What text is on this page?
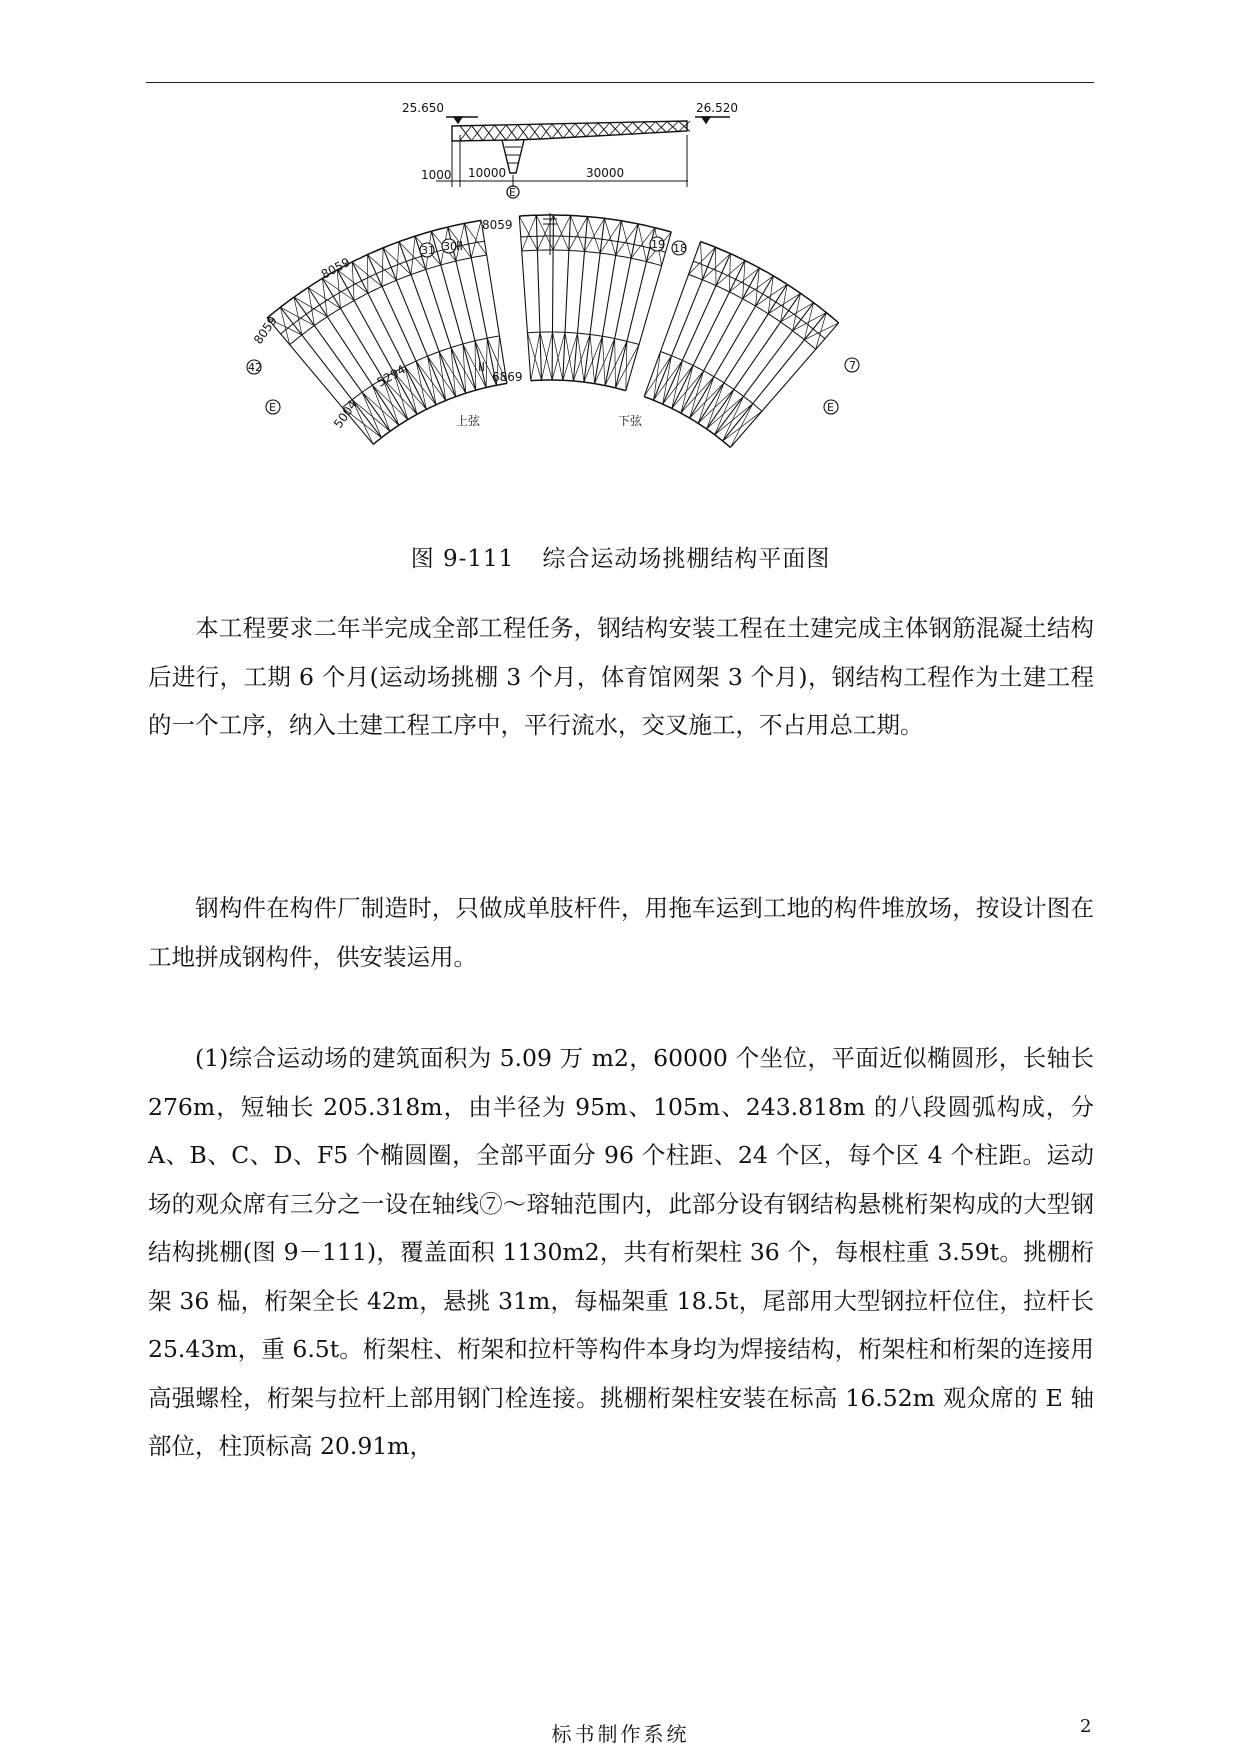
25.650	26.520
1000 10000	30000
E
31 30	19 18
42	7
E	E
8059
8059
8059
6869
5294
5004
II
II
上弦	下弦
图 9-111 综合运动场挑棚结构平面图

本工程要求二年半完成全部工程任务，钢结构安装工程在土建完成主体钢筋混凝土结构后进行，工期 6 个月(运动场挑棚 3 个月，体育馆网架 3 个月)，钢结构工程作为土建工程的一个工序，纳入土建工程工序中，平行流水，交叉施工，不占用总工期。

钢构件在构件厂制造时，只做成单肢杆件，用拖车运到工地的构件堆放场，按设计图在工地拼成钢构件，供安装运用。

(1)综合运动场的建筑面积为 5.09 万 m2，60000 个坐位，平面近似椭圆形，长轴长 276m，短轴长 205.318m，由半径为 95m、105m、243.818m 的八段圆弧构成，分 A、B、C、D、F5 个椭圆圈，全部平面分 96 个柱距、24 个区，每个区 4 个柱距。运动场的观众席有三分之一设在轴线⑦～瑢轴范围内，此部分设有钢结构悬桃桁架构成的大型钢结构挑棚(图 9－111)，覆盖面积 1130m2，共有桁架柱 36 个，每根柱重 3.59t。挑棚桁架 36 榀，桁架全长 42m，悬挑 31m，每榀架重 18.5t，尾部用大型钢拉杆位住，拉杆长 25.43m，重 6.5t。桁架柱、桁架和拉杆等构件本身均为焊接结构，桁架柱和桁架的连接用高强螺栓，桁架与拉杆上部用钢门栓连接。挑棚桁架柱安装在标高 16.52m 观众席的 E 轴部位，柱顶标高 20.91m，

标书制作系统	2
